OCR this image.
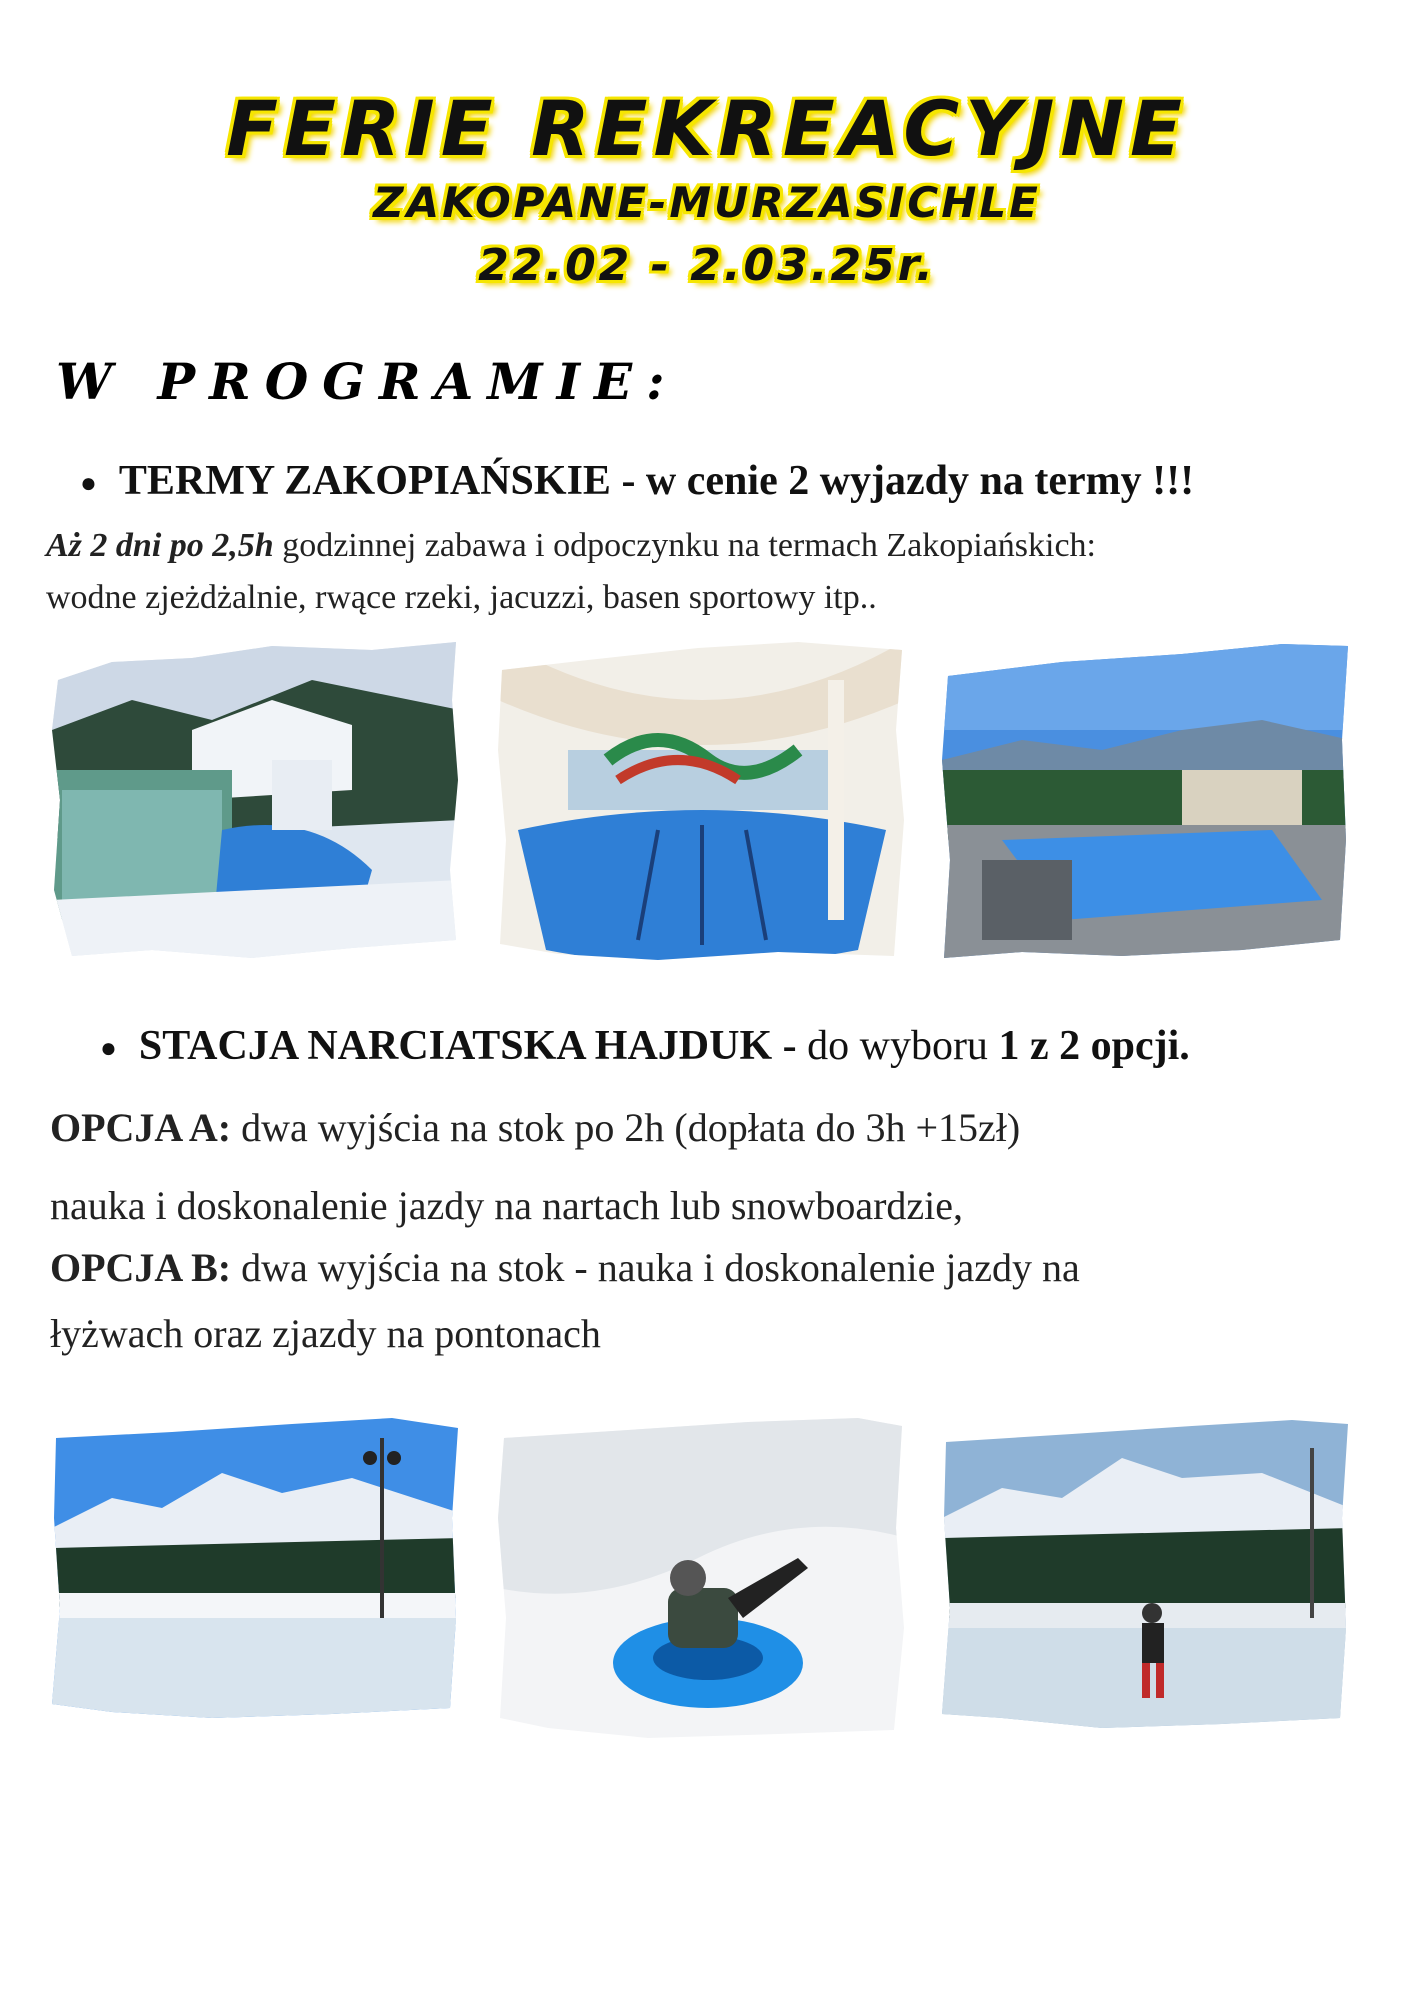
FERIE REKREACYJNE
ZAKOPANE-MURZASICHLE
22.02 - 2.03.25r.
W PROGRAMIE:
● TERMY ZAKOPIAŃSKIE - w cenie 2 wyjazdy na termy !!!
Aż 2 dni po 2,5h godzinnej zabawa i odpoczynku na termach Zakopiańskich:
wodne zjeżdżalnie, rwące rzeki, jacuzzi, basen sportowy itp..
● STACJA NARCIATSKA HAJDUK - do wyboru 1 z 2 opcji.
OPCJA A: dwa wyjścia na stok po 2h (dopłata do 3h +15zł)
nauka i doskonalenie jazdy na nartach lub snowboardzie,
OPCJA B: dwa wyjścia na stok - nauka i doskonalenie jazdy na
łyżwach oraz zjazdy na pontonach
